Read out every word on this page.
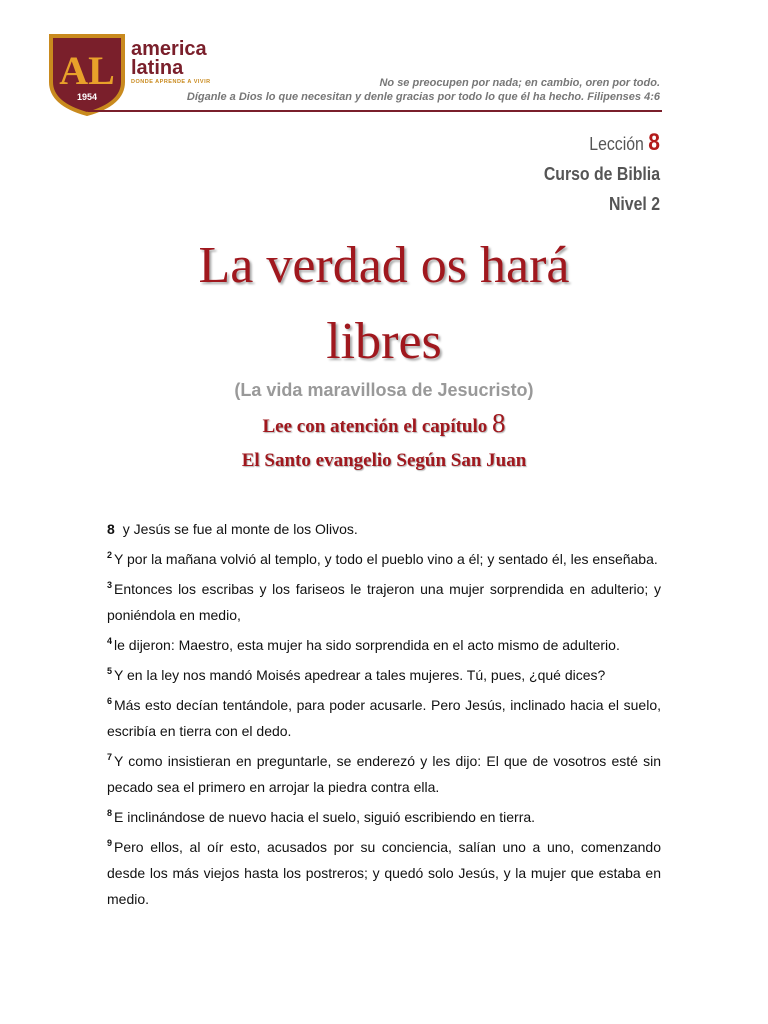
AL
1954
america
latina
DONDE APRENDE A VIVIR	No se preocupen por nada; en cambio, oren por todo.
Díganle a Dios lo que necesitan y denle gracias por todo lo que él ha hecho. Filipenses 4:6
Lección 8
Curso de Biblia
Nivel 2
La verdad os hará
libres
(La vida maravillosa de Jesucristo)
Lee con atención el capítulo 8
El Santo evangelio Según San Juan

8 y Jesús se fue al monte de los Olivos.

$^2$ Y por la mañana volvió al templo, y todo el pueblo vino a él; y sentado él, les enseñaba.

$^3$ Entonces los escribas y los fariseos le trajeron una mujer sorprendida en adulterio; y poniéndola en medio,

$^4$ le dijeron: Maestro, esta mujer ha sido sorprendida en el acto mismo de adulterio.

$^5$ Y en la ley nos mandó Moisés apedrear a tales mujeres. Tú, pues, ¿qué dices?

$^6$ Más esto decían tentándole, para poder acusarle. Pero Jesús, inclinado hacia el suelo, escribía en tierra con el dedo.

$^7$ Y como insistieran en preguntarle, se enderezó y les dijo: El que de vosotros esté sin pecado sea el primero en arrojar la piedra contra ella.

$^8$ E inclinándose de nuevo hacia el suelo, siguió escribiendo en tierra.

$^9$ Pero ellos, al oír esto, acusados por su conciencia, salían uno a uno, comenzando desde los más viejos hasta los postreros; y quedó solo Jesús, y la mujer que estaba en medio.
